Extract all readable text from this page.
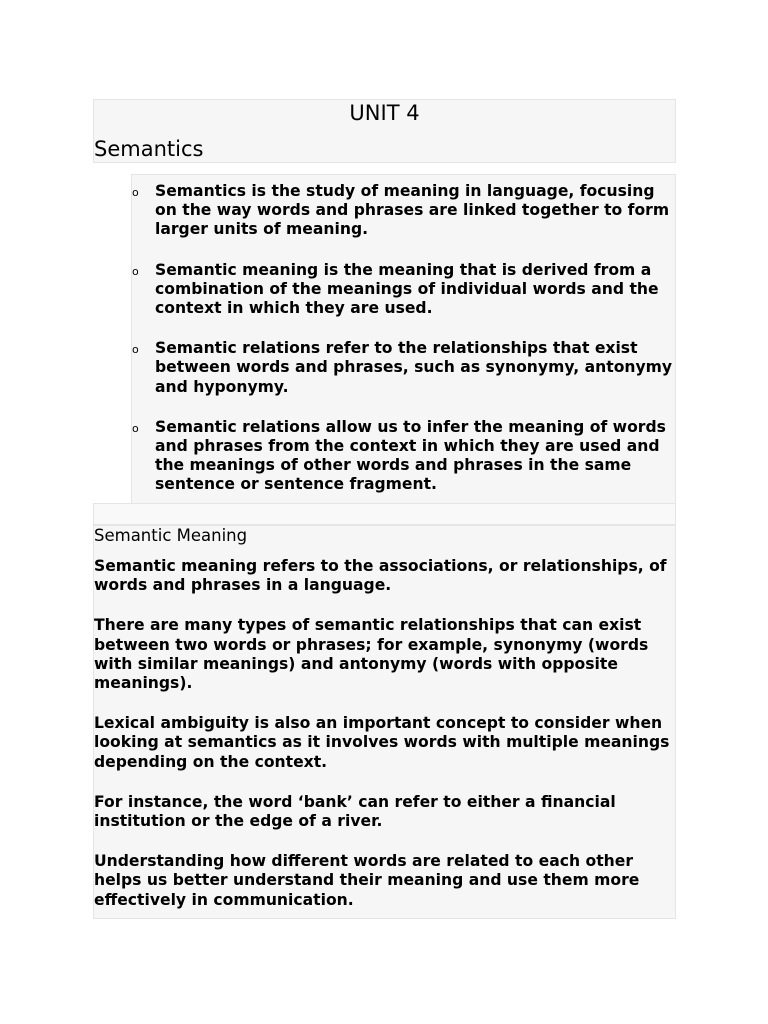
UNIT 4
Semantics
o Semantics is the study of meaning in language, focusing on the way words and phrases are linked together to form larger units of meaning.
o Semantic meaning is the meaning that is derived from a combination of the meanings of individual words and the context in which they are used.
o Semantic relations refer to the relationships that exist between words and phrases, such as synonymy, antonymy and hyponymy.
o Semantic relations allow us to infer the meaning of words and phrases from the context in which they are used and the meanings of other words and phrases in the same sentence or sentence fragment.
Semantic Meaning

Semantic meaning refers to the associations, or relationships, of words and phrases in a language.

There are many types of semantic relationships that can exist between two words or phrases; for example, synonymy (words with similar meanings) and antonymy (words with opposite meanings).

Lexical ambiguity is also an important concept to consider when looking at semantics as it involves words with multiple meanings depending on the context.

For instance, the word ‘bank’ can refer to either a financial institution or the edge of a river.

Understanding how different words are related to each other helps us better understand their meaning and use them more effectively in communication.
